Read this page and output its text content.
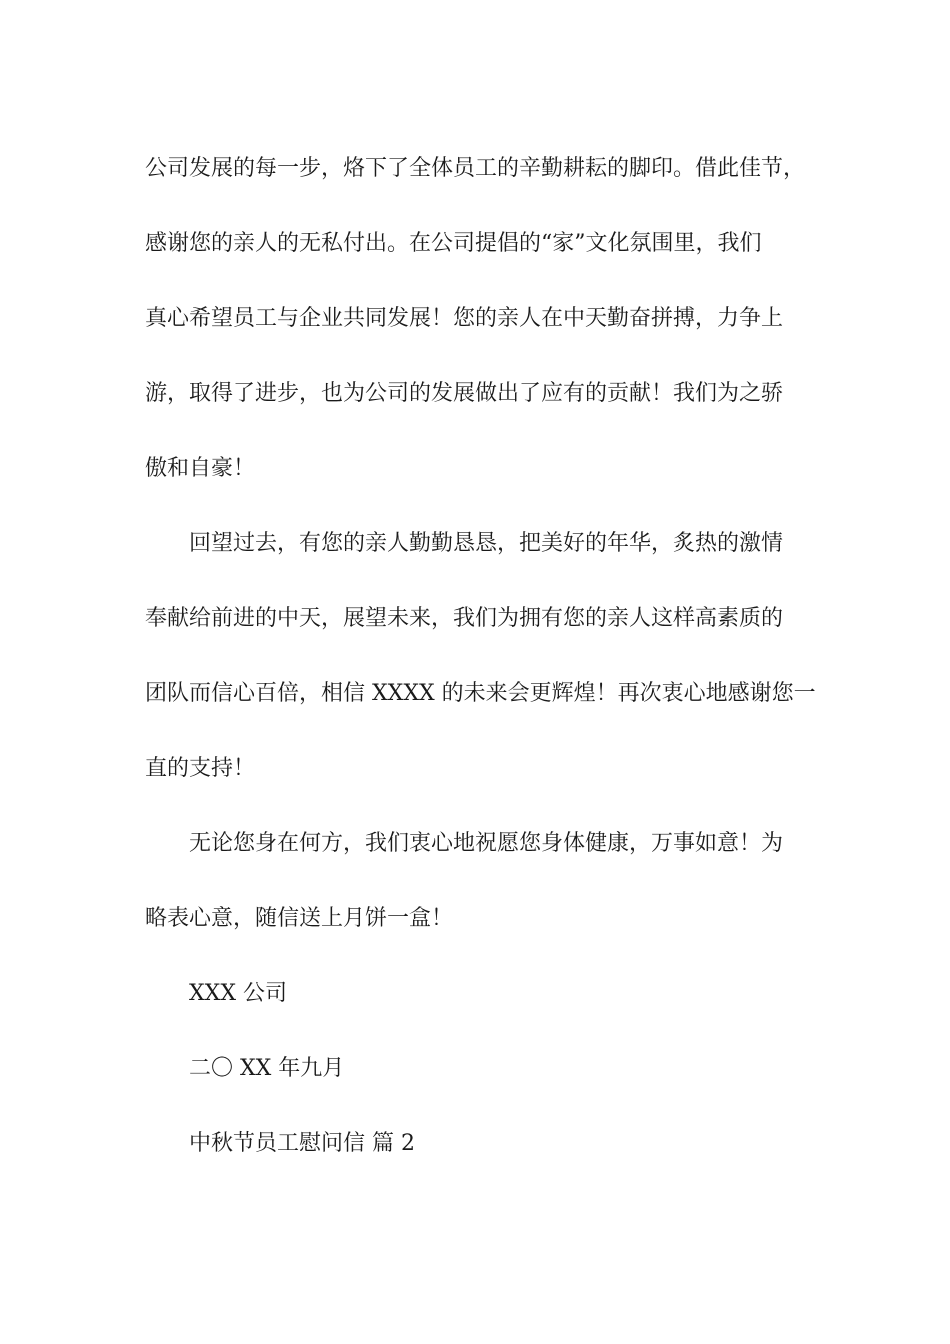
公司发展的每一步，烙下了全体员工的辛勤耕耘的脚印。借此佳节，
感谢您的亲人的无私付出。在公司提倡的“家”文化氛围里，我们
真心希望员工与企业共同发展！您的亲人在中天勤奋拼搏，力争上
游，取得了进步，也为公司的发展做出了应有的贡献！我们为之骄
傲和自豪！

回望过去，有您的亲人勤勤恳恳，把美好的年华，炙热的激情
奉献给前进的中天，展望未来，我们为拥有您的亲人这样高素质的
团队而信心百倍，相信 XXXX 的未来会更辉煌！再次衷心地感谢您一
直的支持！

无论您身在何方，我们衷心地祝愿您身体健康，万事如意！为
略表心意，随信送上月饼一盒！

XXX 公司

二〇 XX 年九月

中秋节员工慰问信 篇 2
